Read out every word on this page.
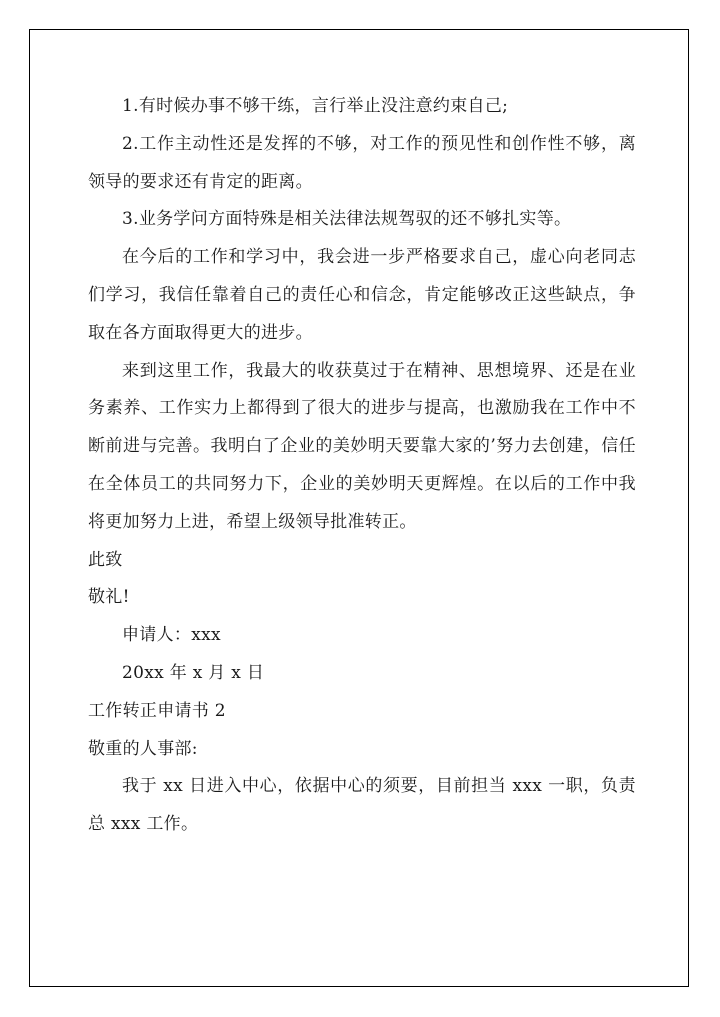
1.有时候办事不够干练，言行举止没注意约束自己;

2.工作主动性还是发挥的不够，对工作的预见性和创作性不够，离领导的要求还有肯定的距离。

3.业务学问方面特殊是相关法律法规驾驭的还不够扎实等。

在今后的工作和学习中，我会进一步严格要求自己，虚心向老同志们学习，我信任靠着自己的责任心和信念，肯定能够改正这些缺点，争取在各方面取得更大的进步。

来到这里工作，我最大的收获莫过于在精神、思想境界、还是在业务素养、工作实力上都得到了很大的进步与提高，也激励我在工作中不断前进与完善。我明白了企业的美妙明天要靠大家的’努力去创建，信任在全体员工的共同努力下，企业的美妙明天更辉煌。在以后的工作中我将更加努力上进，希望上级领导批准转正。

此致

敬礼!

申请人：xxx

20xx 年 x 月 x 日

工作转正申请书 2

敬重的人事部:

我于 xx 日进入中心，依据中心的须要，目前担当 xxx 一职，负责总 xxx 工作。
